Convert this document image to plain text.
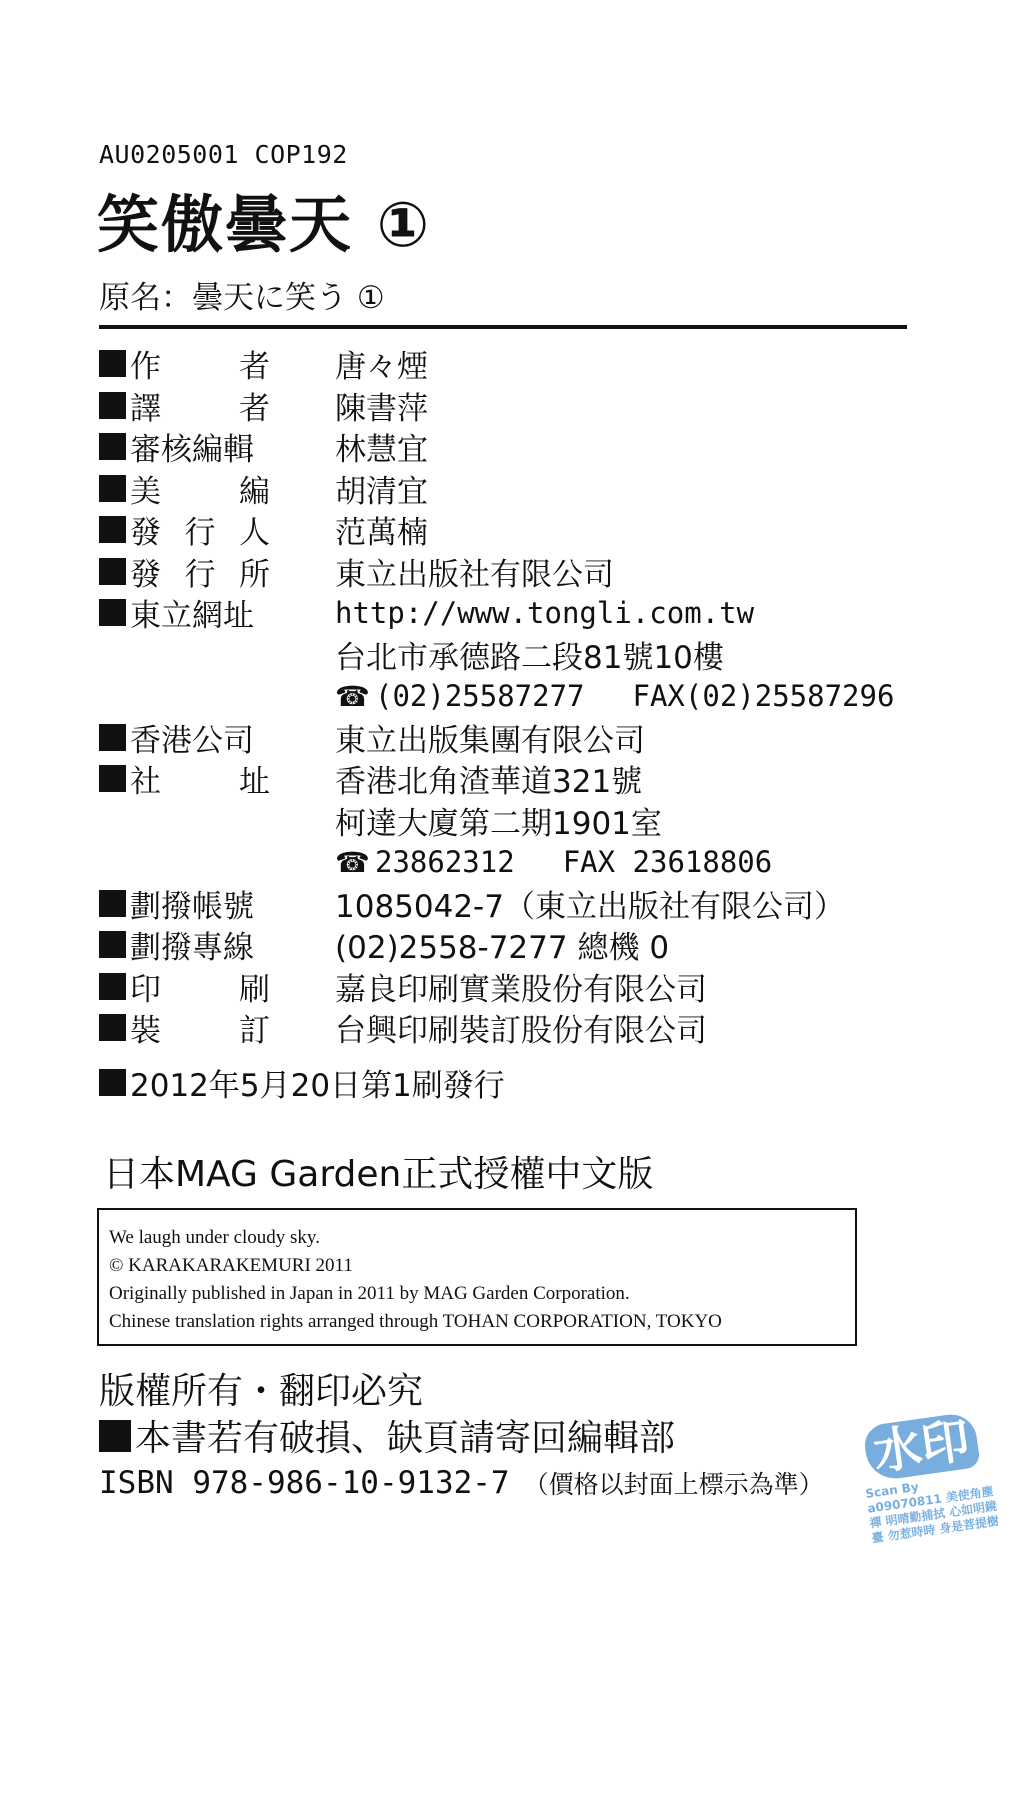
AU0205001 COP192
笑傲曇天 ①
原名：曇天に笑う ①
作	者 唐々煙
譯	者 陳書萍
審核編輯	林慧宜
美	編 胡清宜
發 行 人 范萬楠
發 行 所 東立出版社有限公司
東立網址	http://www.tongli.com.tw
台北市承德路二段81號10樓
☎ (02)25587277 FAX(02)25587296
香港公司	東立出版集團有限公司
社	址 香港北角渣華道321號
柯達大廈第二期1901室
☎ 23862312 FAX 23618806
劃撥帳號	1085042-7（東立出版社有限公司）
劃撥專線	(02)2558-7277 總機 0
印	刷 嘉良印刷實業股份有限公司
裝	訂 台興印刷裝訂股份有限公司
2012年5月20日第1刷發行
日本MAG Garden正式授權中文版
We laugh under cloudy sky.
© KARAKARAKEMURI 2011
Originally published in Japan in 2011 by MAG Garden Corporation.
Chinese translation rights arranged through TOHAN CORPORATION, TOKYO
版權所有・翻印必究
本書若有破損、缺頁請寄回編輯部
ISBN 978-986-10-9132-7 （價格以封面上標示為準）
水印
Scan By a09070811 美使角塵禪 明晴勤捕拭 心如明鏡臺 勿惹時時 身是菩提樹
